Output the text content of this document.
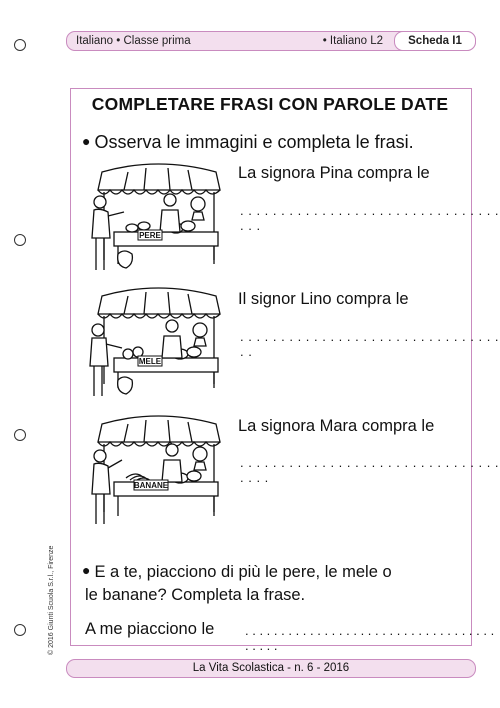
Italiano • Classe prima	• Italiano L2	Scheda I1
COMPLETARE FRASI CON PAROLE DATE
● Osserva le immagini e completa le frasi.
PERE
La signora Pina compra le
. . . . . . . . . . . . . . . . . . . . . . . . . . . . . . . . . . .
MELE
Il signor Lino compra le
. . . . . . . . . . . . . . . . . . . . . . . . . . . . . . . . . .
BANANE
La signora Mara compra le
. . . . . . . . . . . . . . . . . . . . . . . . . . . . . . . . . . . .
● E a te, piacciono di più le pere, le mele o
le banane? Completa la frase.
A me piacciono le . . . . . . . . . . . . . . . . . . . . . . . . . . . . . . . . . . . . . . . .
© 2016 Giunti Scuola S.r.l., Firenze
La Vita Scolastica - n. 6 - 2016
